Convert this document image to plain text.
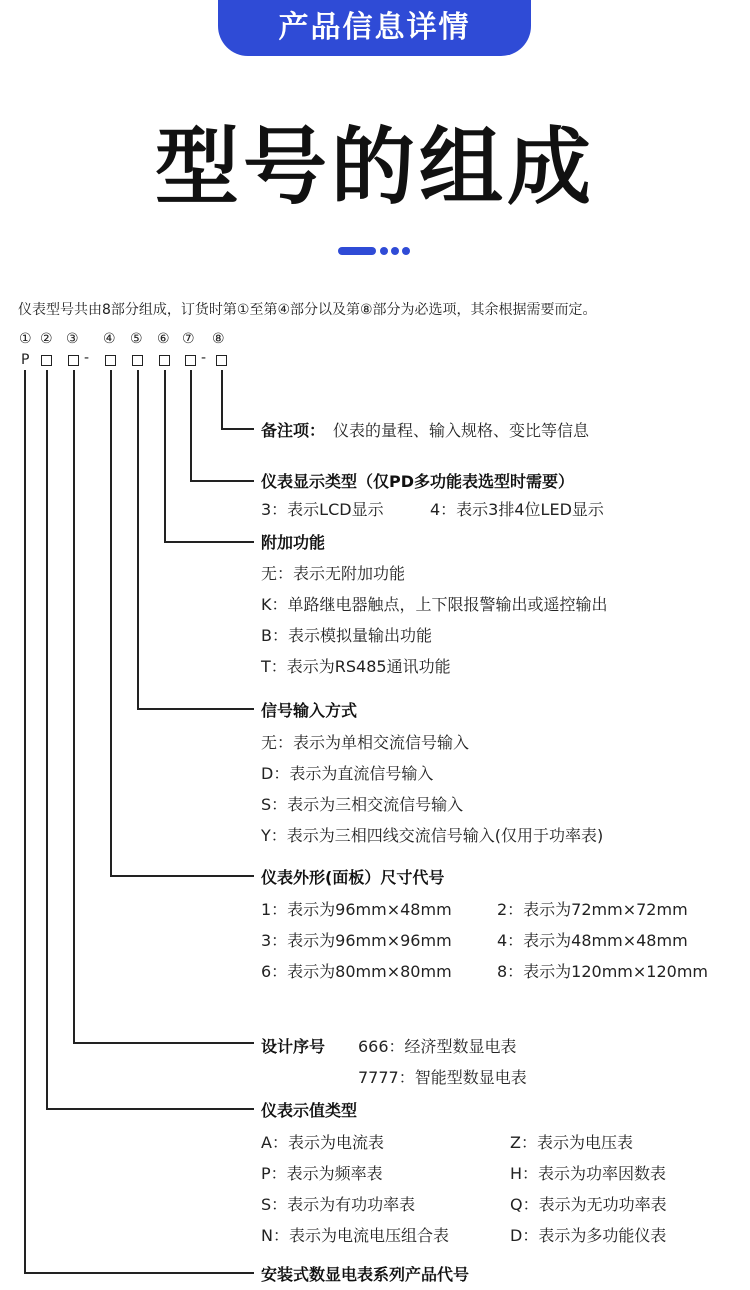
产品信息详情
型号的组成
仪表型号共由8部分组成，订货时第①至第④部分以及第⑧部分为必选项，其余根据需要而定。
① ② ③ ④ ⑤ ⑥ ⑦ ⑧
P	-	-
备注项： 仪表的量程、输入规格、变比等信息
仪表显示类型（仅PD多功能表选型时需要）
3：表示LCD显示	4：表示3排4位LED显示
附加功能
无：表示无附加功能
K：单路继电器触点，上下限报警输出或遥控输出
B：表示模拟量输出功能
T：表示为RS485通讯功能
信号输入方式
无：表示为单相交流信号输入
D：表示为直流信号输入
S：表示为三相交流信号输入
Y：表示为三相四线交流信号输入(仅用于功率表)
仪表外形(面板）尺寸代号
1：表示为96mm×48mm	2：表示为72mm×72mm
3：表示为96mm×96mm	4：表示为48mm×48mm
6：表示为80mm×80mm	8：表示为120mm×120mm
设计序号 666：经济型数显电表
7777：智能型数显电表
仪表示值类型
A：表示为电流表	Z：表示为电压表
P：表示为频率表	H：表示为功率因数表
S：表示为有功功率表	Q：表示为无功功率表
N：表示为电流电压组合表	D：表示为多功能仪表
安装式数显电表系列产品代号
